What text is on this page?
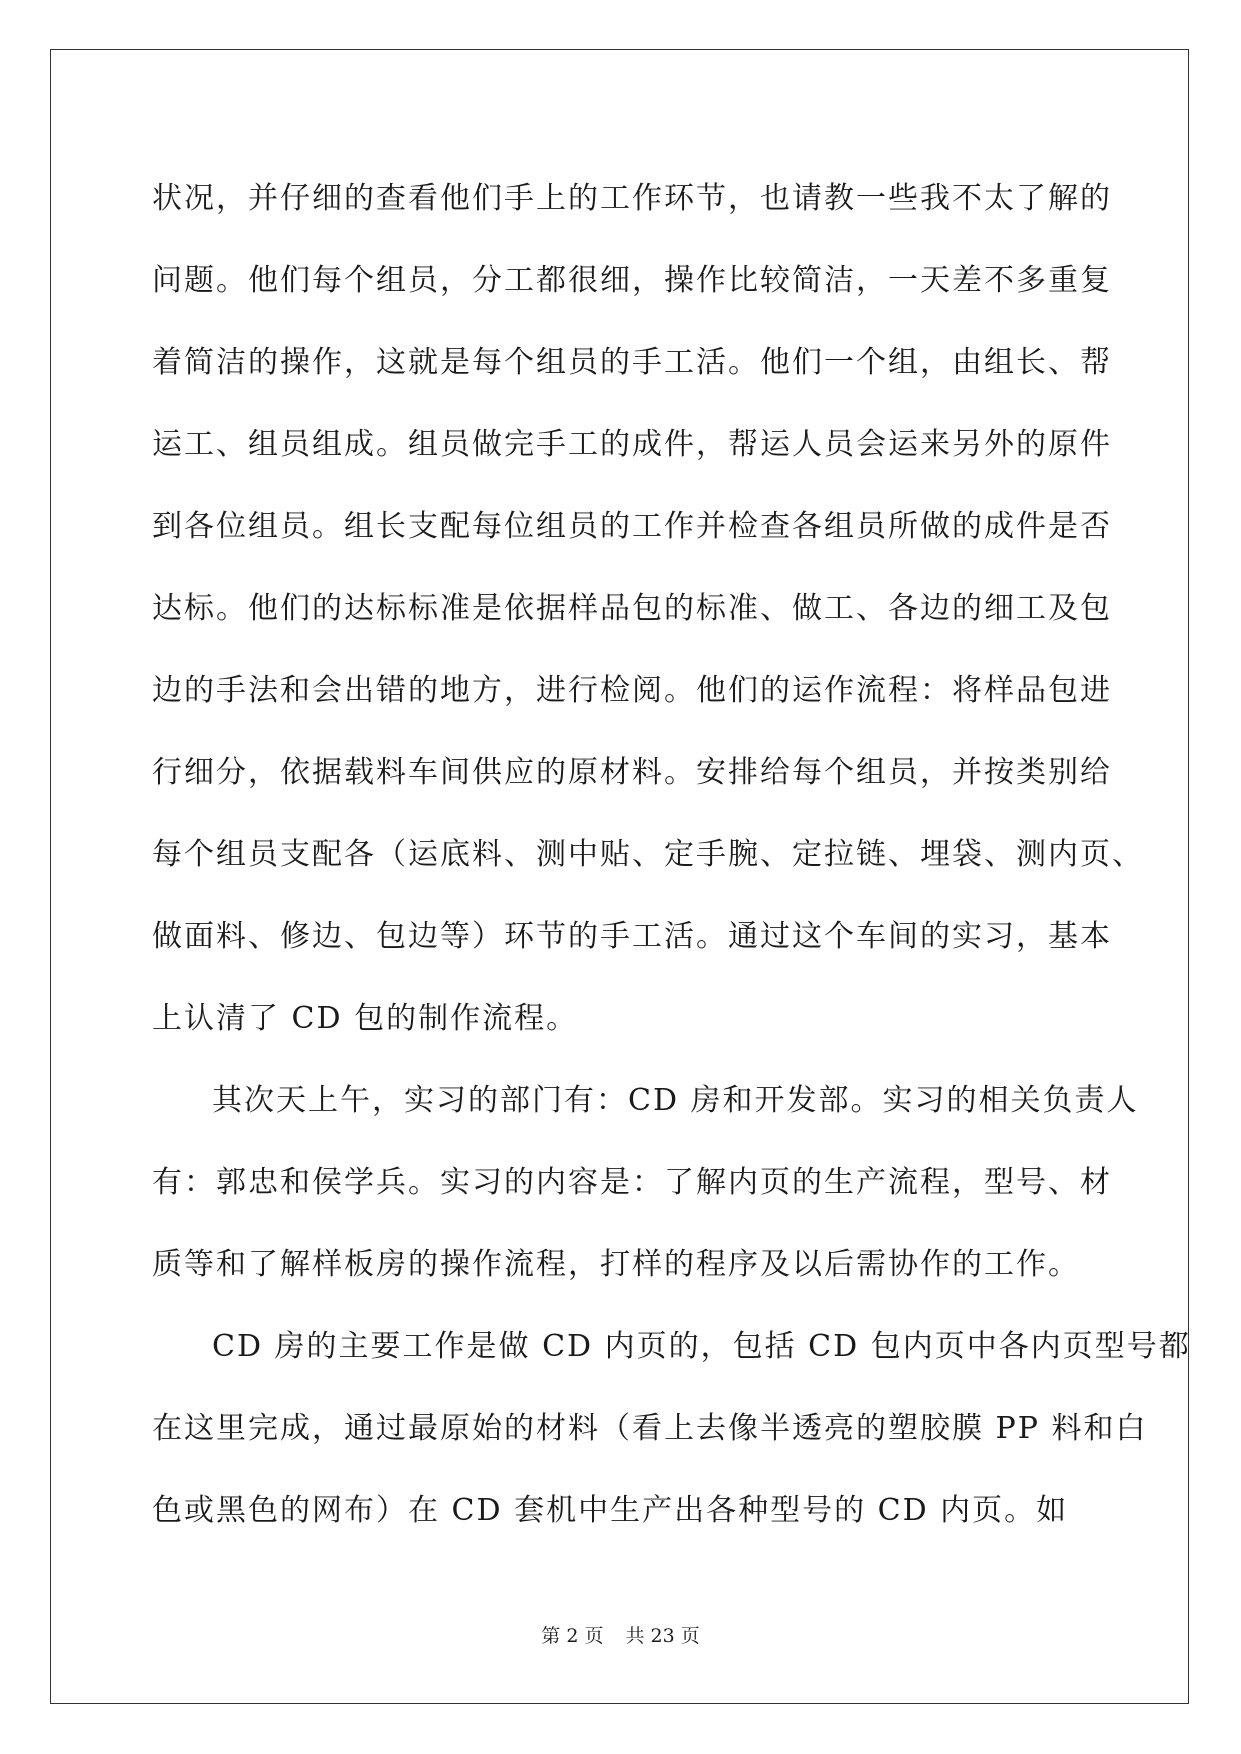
状况，并仔细的查看他们手上的工作环节，也请教一些我不太了解的
问题。他们每个组员，分工都很细，操作比较简洁，一天差不多重复
着简洁的操作，这就是每个组员的手工活。他们一个组，由组长、帮
运工、组员组成。组员做完手工的成件，帮运人员会运来另外的原件
到各位组员。组长支配每位组员的工作并检查各组员所做的成件是否
达标。他们的达标标准是依据样品包的标准、做工、各边的细工及包
边的手法和会出错的地方，进行检阅。他们的运作流程：将样品包进
行细分，依据载料车间供应的原材料。安排给每个组员，并按类别给
每个组员支配各（运底料、测中贴、定手腕、定拉链、埋袋、测内页、
做面料、修边、包边等）环节的手工活。通过这个车间的实习，基本
上认清了 CD 包的制作流程。
其次天上午，实习的部门有：CD 房和开发部。实习的相关负责人
有：郭忠和侯学兵。实习的内容是：了解内页的生产流程，型号、材
质等和了解样板房的操作流程，打样的程序及以后需协作的工作。
CD 房的主要工作是做 CD 内页的，包括 CD 包内页中各内页型号都
在这里完成，通过最原始的材料（看上去像半透亮的塑胶膜 PP 料和白
色或黑色的网布）在 CD 套机中生产出各种型号的 CD 内页。如
第 2 页 共 23 页
